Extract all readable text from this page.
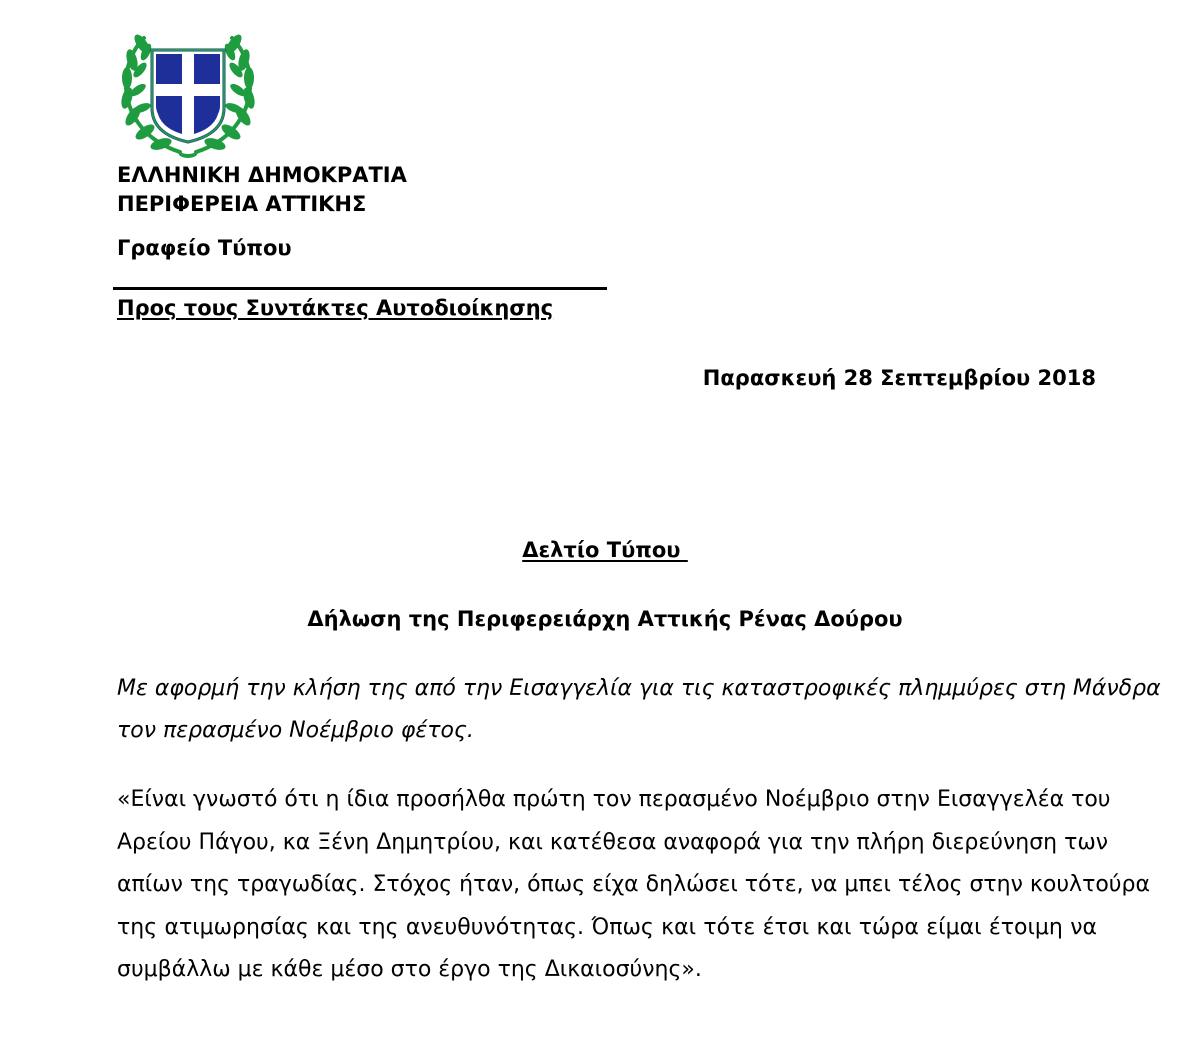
ΕΛΛΗΝΙΚΗ ΔΗΜΟΚΡΑΤΙΑ
ΠΕΡΙΦΕΡΕΙΑ ΑΤΤΙΚΗΣ
Γραφείο Τύπου
Προς τους Συντάκτες Αυτοδιοίκησης
Παρασκευή 28 Σεπτεμβρίου 2018
Δελτίο Τύπου
Δήλωση της Περιφερειάρχη Αττικής Ρένας Δούρου
Με αφορμή την κλήση της από την Εισαγγελία για τις καταστροφικές πλημμύρες στη Μάνδρα
τον περασμένο Νοέμβριο φέτος.
«Είναι γνωστό ότι η ίδια προσήλθα πρώτη τον περασμένο Νοέμβριο στην Εισαγγελέα του
Αρείου Πάγου, κα Ξένη Δημητρίου, και κατέθεσα αναφορά για την πλήρη διερεύνηση των
απίων της τραγωδίας. Στόχος ήταν, όπως είχα δηλώσει τότε, να μπει τέλος στην κουλτούρα
της ατιμωρησίας και της ανευθυνότητας. Όπως και τότε έτσι και τώρα είμαι έτοιμη να
συμβάλλω με κάθε μέσο στο έργο της Δικαιοσύνης».
